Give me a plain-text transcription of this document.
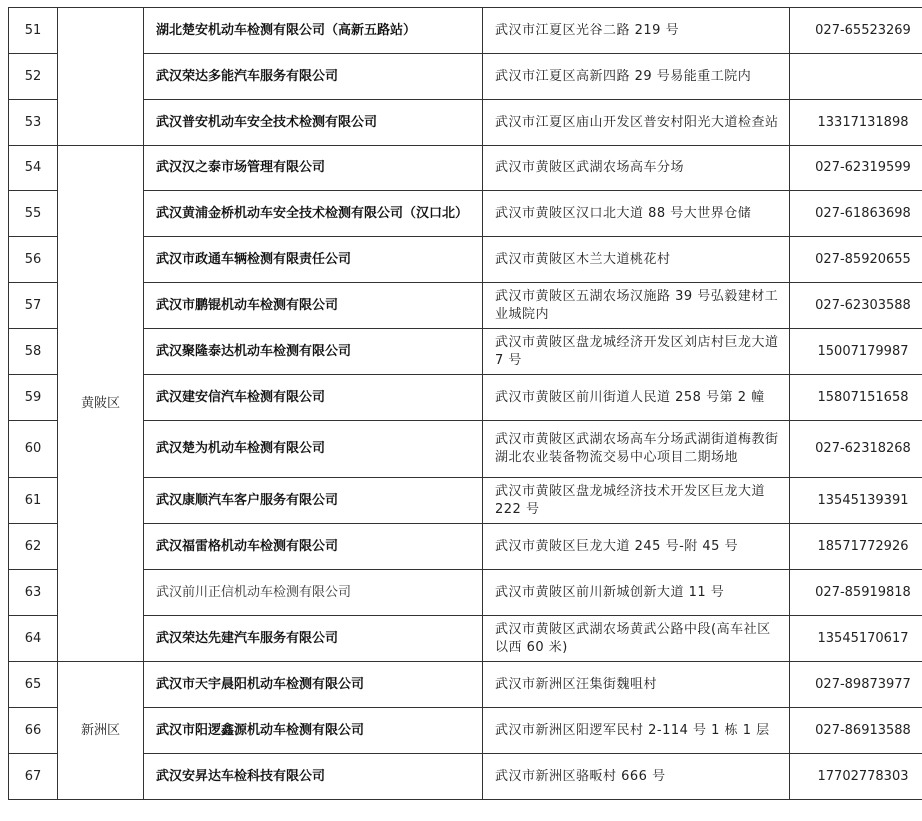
51		湖北楚安机动车检测有限公司（高新五路站）	武汉市江夏区光谷二路 219 号	027-65523269
52		武汉荣达多能汽车服务有限公司	武汉市江夏区高新四路 29 号易能重工院内	
53		武汉普安机动车安全技术检测有限公司	武汉市江夏区庙山开发区普安村阳光大道检查站	13317131898
54	黄陂区	武汉汉之泰市场管理有限公司	武汉市黄陂区武湖农场高车分场	027-62319599
55		武汉黄浦金桥机动车安全技术检测有限公司（汉口北）	武汉市黄陂区汉口北大道 88 号大世界仓储	027-61863698
56		武汉市政通车辆检测有限责任公司	武汉市黄陂区木兰大道桃花村	027-85920655
57		武汉市鹏锟机动车检测有限公司	武汉市黄陂区五湖农场汉施路 39 号弘毅建材工业城院内	027-62303588
58		武汉聚隆泰达机动车检测有限公司	武汉市黄陂区盘龙城经济开发区刘店村巨龙大道 7 号	15007179987
59		武汉建安信汽车检测有限公司	武汉市黄陂区前川街道人民道 258 号第 2 幢	15807151658
60		武汉楚为机动车检测有限公司	武汉市黄陂区武湖农场高车分场武湖街道梅教街湖北农业装备物流交易中心项目二期场地	027-62318268
61		武汉康顺汽车客户服务有限公司	武汉市黄陂区盘龙城经济技术开发区巨龙大道 222 号	13545139391
62		武汉福雷格机动车检测有限公司	武汉市黄陂区巨龙大道 245 号-附 45 号	18571772926
63		武汉前川正信机动车检测有限公司	武汉市黄陂区前川新城创新大道 11 号	027-85919818
64		武汉荣达先建汽车服务有限公司	武汉市黄陂区武湖农场黄武公路中段(高车社区以西 60 米)	13545170617
65	新洲区	武汉市天宇晨阳机动车检测有限公司	武汉市新洲区汪集街魏咀村	027-89873977
66		武汉市阳逻鑫源机动车检测有限公司	武汉市新洲区阳逻军民村 2-114 号 1 栋 1 层	027-86913588
67		武汉安昇达车检科技有限公司	武汉市新洲区骆畈村 666 号	17702778303
